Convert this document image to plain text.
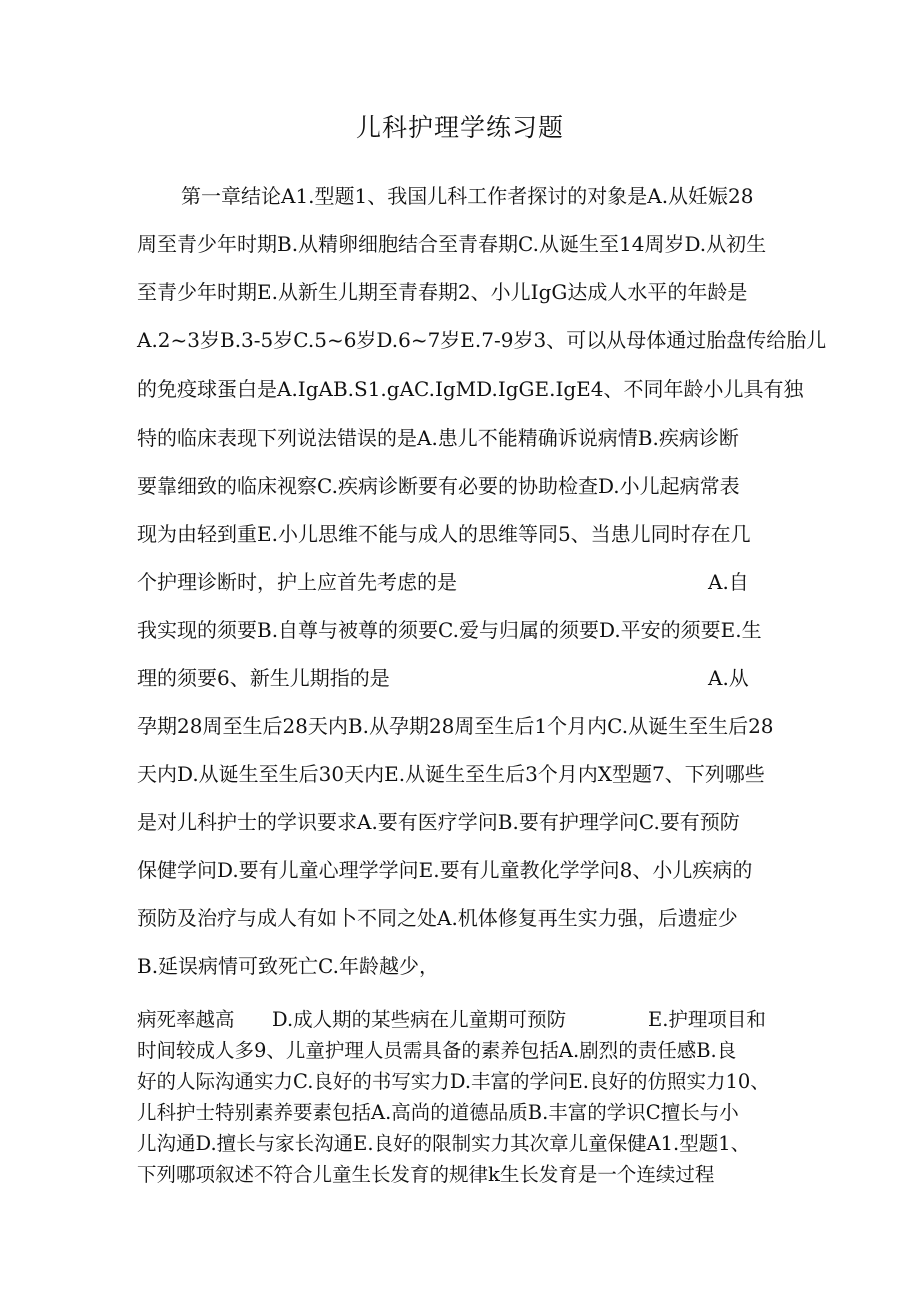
儿科护理学练习题
第一章结论A1.型题1、我国儿科工作者探讨的对象是A.从妊娠28
周至青少年时期B.从精卵细胞结合至青春期C.从诞生至14周岁D.从初生
至青少年时期E.从新生儿期至青春期2、小儿IgG达成人水平的年龄是
A.2~3岁B.3-5岁C.5~6岁D.6~7岁E.7-9岁3、可以从母体通过胎盘传给胎儿
的免疫球蛋白是A.IgAB.S1.gAC.IgMD.IgGE.IgE4、不同年龄小儿具有独
特的临床表现下列说法错误的是A.患儿不能精确诉说病情B.疾病诊断
要靠细致的临床视察C.疾病诊断要有必要的协助检查D.小儿起病常表
现为由轻到重E.小儿思维不能与成人的思维等同5、当患儿同时存在几
个护理诊断时，护上应首先考虑的是	A.自
我实现的须要B.自尊与被尊的须要C.爱与归属的须要D.平安的须要E.生
理的须要6、新生儿期指的是	A.从
孕期28周至生后28天内B.从孕期28周至生后1个月内C.从诞生至生后28
天内D.从诞生至生后30天内E.从诞生至生后3个月内X型题7、下列哪些
是对儿科护士的学识要求A.要有医疗学问B.要有护理学问C.要有预防
保健学问D.要有儿童心理学学问E.要有儿童教化学学问8、小儿疾病的
预防及治疗与成人有如卜不同之处A.机体修复再生实力强，后遗症少
B.延误病情可致死亡C.年龄越少，
病死率越高 D.成人期的某些病在儿童期可预防	E.护理项目和
时间较成人多9、儿童护理人员需具备的素养包括A.剧烈的责任感B.良
好的人际沟通实力C.良好的书写实力D.丰富的学问E.良好的仿照实力10、
儿科护士特别素养要素包括A.高尚的道德品质B.丰富的学识C擅长与小
儿沟通D.擅长与家长沟通E.良好的限制实力其次章儿童保健A1.型题1、
下列哪项叙述不符合儿童生长发育的规律k生长发育是一个连续过程
